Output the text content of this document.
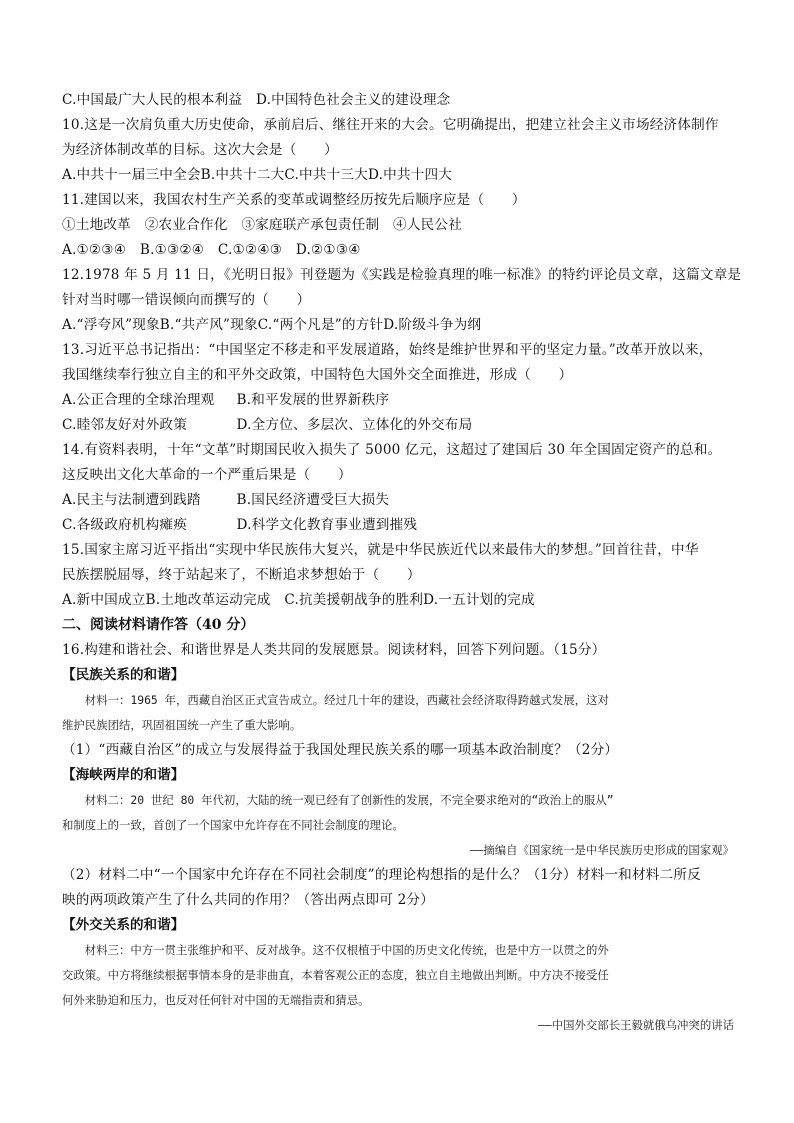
C.中国最广大人民的根本利益　D.中国特色社会主义的建设理念
10.这是一次肩负重大历史使命，承前启后、继往开来的大会。它明确提出，把建立社会主义市场经济体制作
为经济体制改革的目标。这次大会是（　　）
A.中共十一届三中全会B.中共十二大C.中共十三大D.中共十四大
11.建国以来，我国农村生产关系的变革或调整经历按先后顺序应是（　　）
①土地改革　②农业合作化　③家庭联产承包责任制　④人民公社
A.①②③④　B.①③②④　C.①②④③　D.②①③④
12.1978 年 5 月 11 日，《光明日报》刊登题为《实践是检验真理的唯一标准》的特约评论员文章，这篇文章是
针对当时哪一错误倾向而撰写的（　　）
A.“浮夸风”现象B.“共产风”现象C.“两个凡是”的方针D.阶级斗争为纲
13.习近平总书记指出：“中国坚定不移走和平发展道路，始终是维护世界和平的坚定力量。”改革开放以来，
我国继续奉行独立自主的和平外交政策，中国特色大国外交全面推进，形成（　　）
A.公正合理的全球治理观 B.和平发展的世界新秩序
C.睦邻友好对外政策	D.全方位、多层次、立体化的外交布局
14.有资料表明，十年“文革”时期国民收入损失了 5000 亿元，这超过了建国后 30 年全国固定资产的总和。
这反映出文化大革命的一个严重后果是（　　）
A.民主与法制遭到践踏	B.国民经济遭受巨大损失
C.各级政府机构瘫痪	D.科学文化教育事业遭到摧残
15.国家主席习近平指出“实现中华民族伟大复兴，就是中华民族近代以来最伟大的梦想。”回首往昔，中华
民族摆脱屈辱，终于站起来了，不断追求梦想始于（　　）
A.新中国成立B.土地改革运动完成　C.抗美援朝战争的胜利D.一五计划的完成
二、阅读材料请作答（40 分）
16.构建和谐社会、和谐世界是人类共同的发展愿景。阅读材料，回答下列问题。（15分）
【民族关系的和谐】
材料一：1965 年，西藏自治区正式宣告成立。经过几十年的建设，西藏社会经济取得跨越式发展，这对
维护民族团结，巩固祖国统一产生了重大影响。
（1）“西藏自治区”的成立与发展得益于我国处理民族关系的哪一项基本政治制度？（2分）
【海峡两岸的和谐】
材料二：20 世纪 80 年代初，大陆的统一观已经有了创新性的发展，不完全要求绝对的“政治上的服从”
和制度上的一致，首创了一个国家中允许存在不同社会制度的理论。
——摘编自《国家统一是中华民族历史形成的国家观》
（2）材料二中“一个国家中允许存在不同社会制度”的理论构想指的是什么？（1分）材料一和材料二所反
映的两项政策产生了什么共同的作用？（答出两点即可 2分）
【外交关系的和谐】
材料三：中方一贯主张维护和平、反对战争。这不仅根植于中国的历史文化传统，也是中方一以贯之的外
交政策。中方将继续根据事情本身的是非曲直，本着客观公正的态度，独立自主地做出判断。中方决不接受任
何外来胁迫和压力，也反对任何针对中国的无端指责和猜忌。
——中国外交部长王毅就俄乌冲突的讲话
